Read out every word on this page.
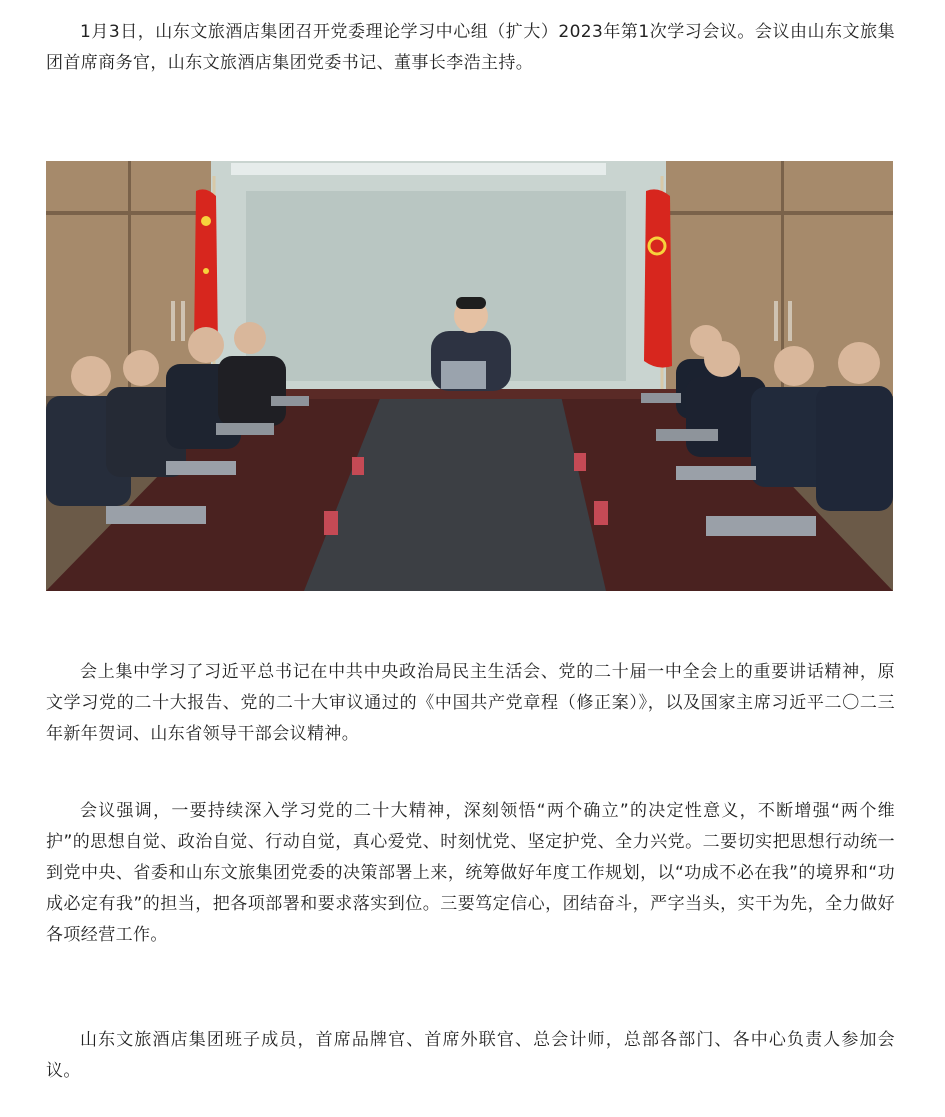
1月3日，山东文旅酒店集团召开党委理论学习中心组（扩大）2023年第1次学习会议。会议由山东文旅集团首席商务官，山东文旅酒店集团党委书记、董事长李浩主持。

会上集中学习了习近平总书记在中共中央政治局民主生活会、党的二十届一中全会上的重要讲话精神，原文学习党的二十大报告、党的二十大审议通过的《中国共产党章程（修正案）》，以及国家主席习近平二〇二三年新年贺词、山东省领导干部会议精神。

会议强调，一要持续深入学习党的二十大精神，深刻领悟“两个确立”的决定性意义，不断增强“两个维护”的思想自觉、政治自觉、行动自觉，真心爱党、时刻忧党、坚定护党、全力兴党。二要切实把思想行动统一到党中央、省委和山东文旅集团党委的决策部署上来，统筹做好年度工作规划，以“功成不必在我”的境界和“功成必定有我”的担当，把各项部署和要求落实到位。三要笃定信心，团结奋斗，严字当头，实干为先，全力做好各项经营工作。

山东文旅酒店集团班子成员，首席品牌官、首席外联官、总会计师，总部各部门、各中心负责人参加会议。
